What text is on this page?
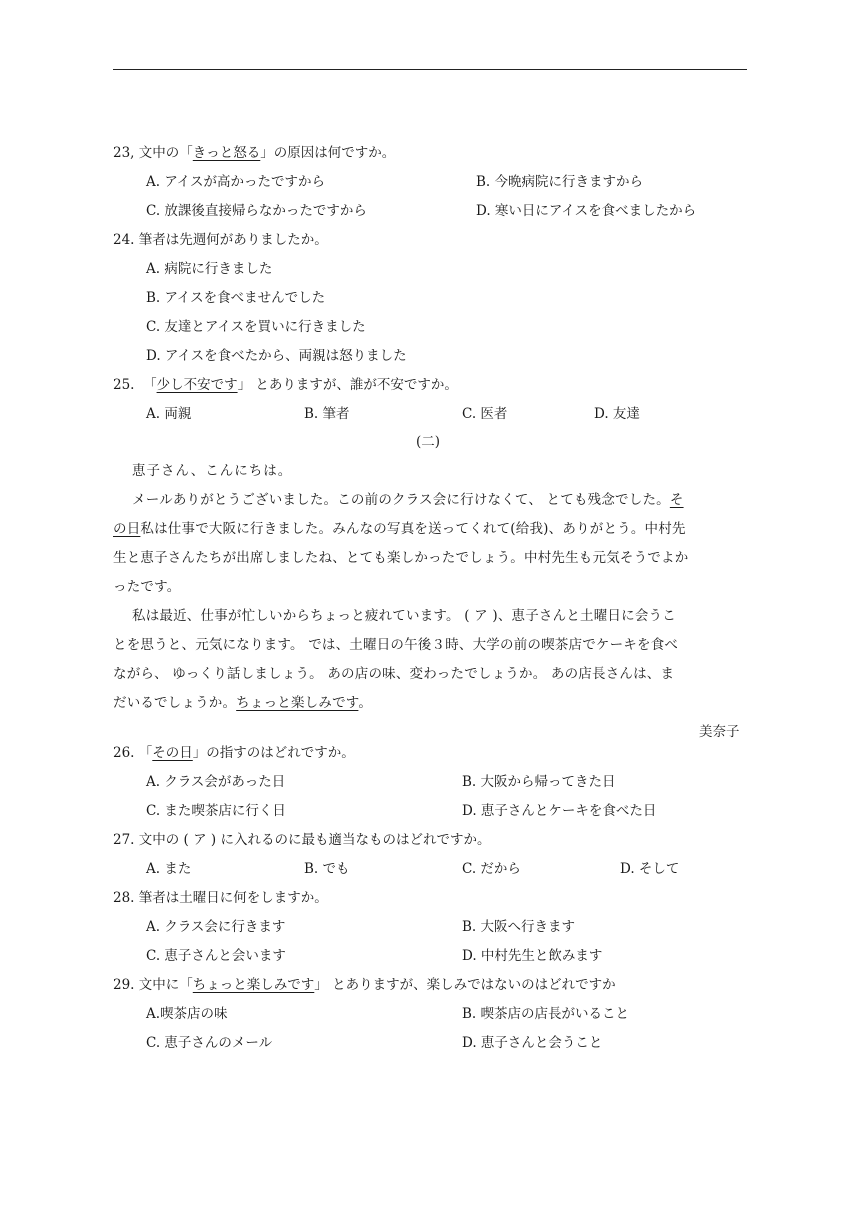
23, 文中の「きっと怒る」の原因は何ですか。
A. アイスが高かったですから	B. 今晩病院に行きますから
C. 放課後直接帰らなかったですから	D. 寒い日にアイスを食べましたから
24. 筆者は先週何がありましたか。
A. 病院に行きました
B. アイスを食べませんでした
C. 友達とアイスを買いに行きました
D. アイスを食べたから、両親は怒りました
25. 「少し不安です」 とありますが、誰が不安ですか。
A. 両親	B. 筆者	C. 医者	D. 友達
(二)
恵子さん、こんにちは。
メールありがとうございました。この前のクラス会に行けなくて、 とても残念でした。そ
の日私は仕事で大阪に行きました。みんなの写真を送ってくれて(给我)、ありがとう。中村先
生と恵子さんたちが出席しましたね、とても楽しかったでしょう。中村先生も元気そうでよか
ったです。
私は最近、仕事が忙しいからちょっと疲れています。 ( ア )、恵子さんと土曜日に会うこ
とを思うと、元気になります。 では、土曜日の午後３時、大学の前の喫茶店でケーキを食べ
ながら、 ゆっくり話しましょう。 あの店の味、変わったでしょうか。 あの店長さんは、ま
だいるでしょうか。ちょっと楽しみです。
美奈子
26. 「その日」の指すのはどれですか。
A. クラス会があった日	B. 大阪から帰ってきた日
C. また喫茶店に行く日	D. 恵子さんとケーキを食べた日
27. 文中の ( ア ) に入れるのに最も適当なものはどれですか。
A. また	B. でも	C. だから	D. そして
28. 筆者は土曜日に何をしますか。
A. クラス会に行きます	B. 大阪へ行きます
C. 恵子さんと会います	D. 中村先生と飲みます
29. 文中に「ちょっと楽しみです」 とありますが、楽しみではないのはどれですか
A.喫茶店の味	B. 喫茶店の店長がいること
C. 恵子さんのメール	D. 恵子さんと会うこと
